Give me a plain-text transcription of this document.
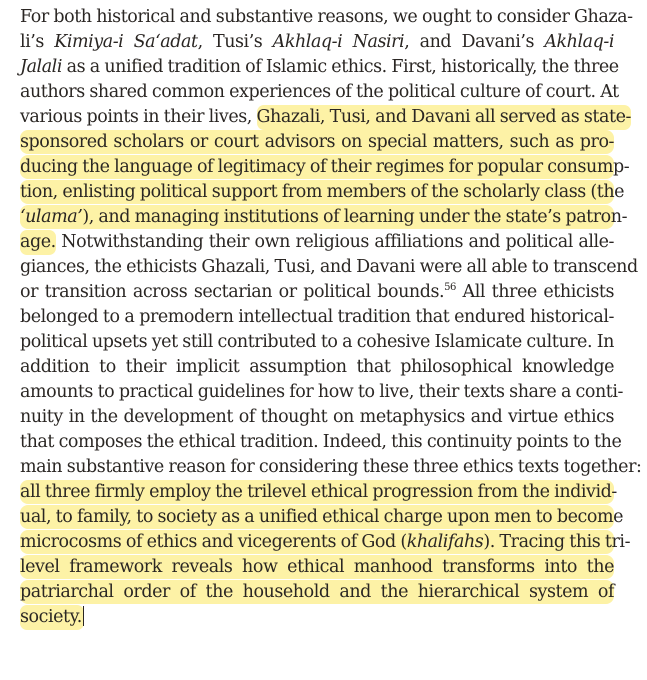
For both historical and substantive reasons, we ought to consider Ghaza-
li’s Kimiya-i Sa‘adat, Tusi’s Akhlaq-i Nasiri, and Davani’s Akhlaq-i
Jalali as a unified tradition of Islamic ethics. First, historically, the three
authors shared common experiences of the political culture of court. At
various points in their lives, Ghazali, Tusi, and Davani all served as state-
sponsored scholars or court advisors on special matters, such as pro-
ducing the language of legitimacy of their regimes for popular consump-
tion, enlisting political support from members of the scholarly class (the
‘ulama’), and managing institutions of learning under the state’s patron-
age. Notwithstanding their own religious affiliations and political alle-
giances, the ethicists Ghazali, Tusi, and Davani were all able to transcend
or transition across sectarian or political bounds.$^{56}$ All three ethicists
belonged to a premodern intellectual tradition that endured historical-
political upsets yet still contributed to a cohesive Islamicate culture. In
addition to their implicit assumption that philosophical knowledge
amounts to practical guidelines for how to live, their texts share a conti-
nuity in the development of thought on metaphysics and virtue ethics
that composes the ethical tradition. Indeed, this continuity points to the
main substantive reason for considering these three ethics texts together:
all three firmly employ the trilevel ethical progression from the individ-
ual, to family, to society as a unified ethical charge upon men to become
microcosms of ethics and vicegerents of God (khalifahs). Tracing this tri-
level framework reveals how ethical manhood transforms into the
patriarchal order of the household and the hierarchical system of
society.
